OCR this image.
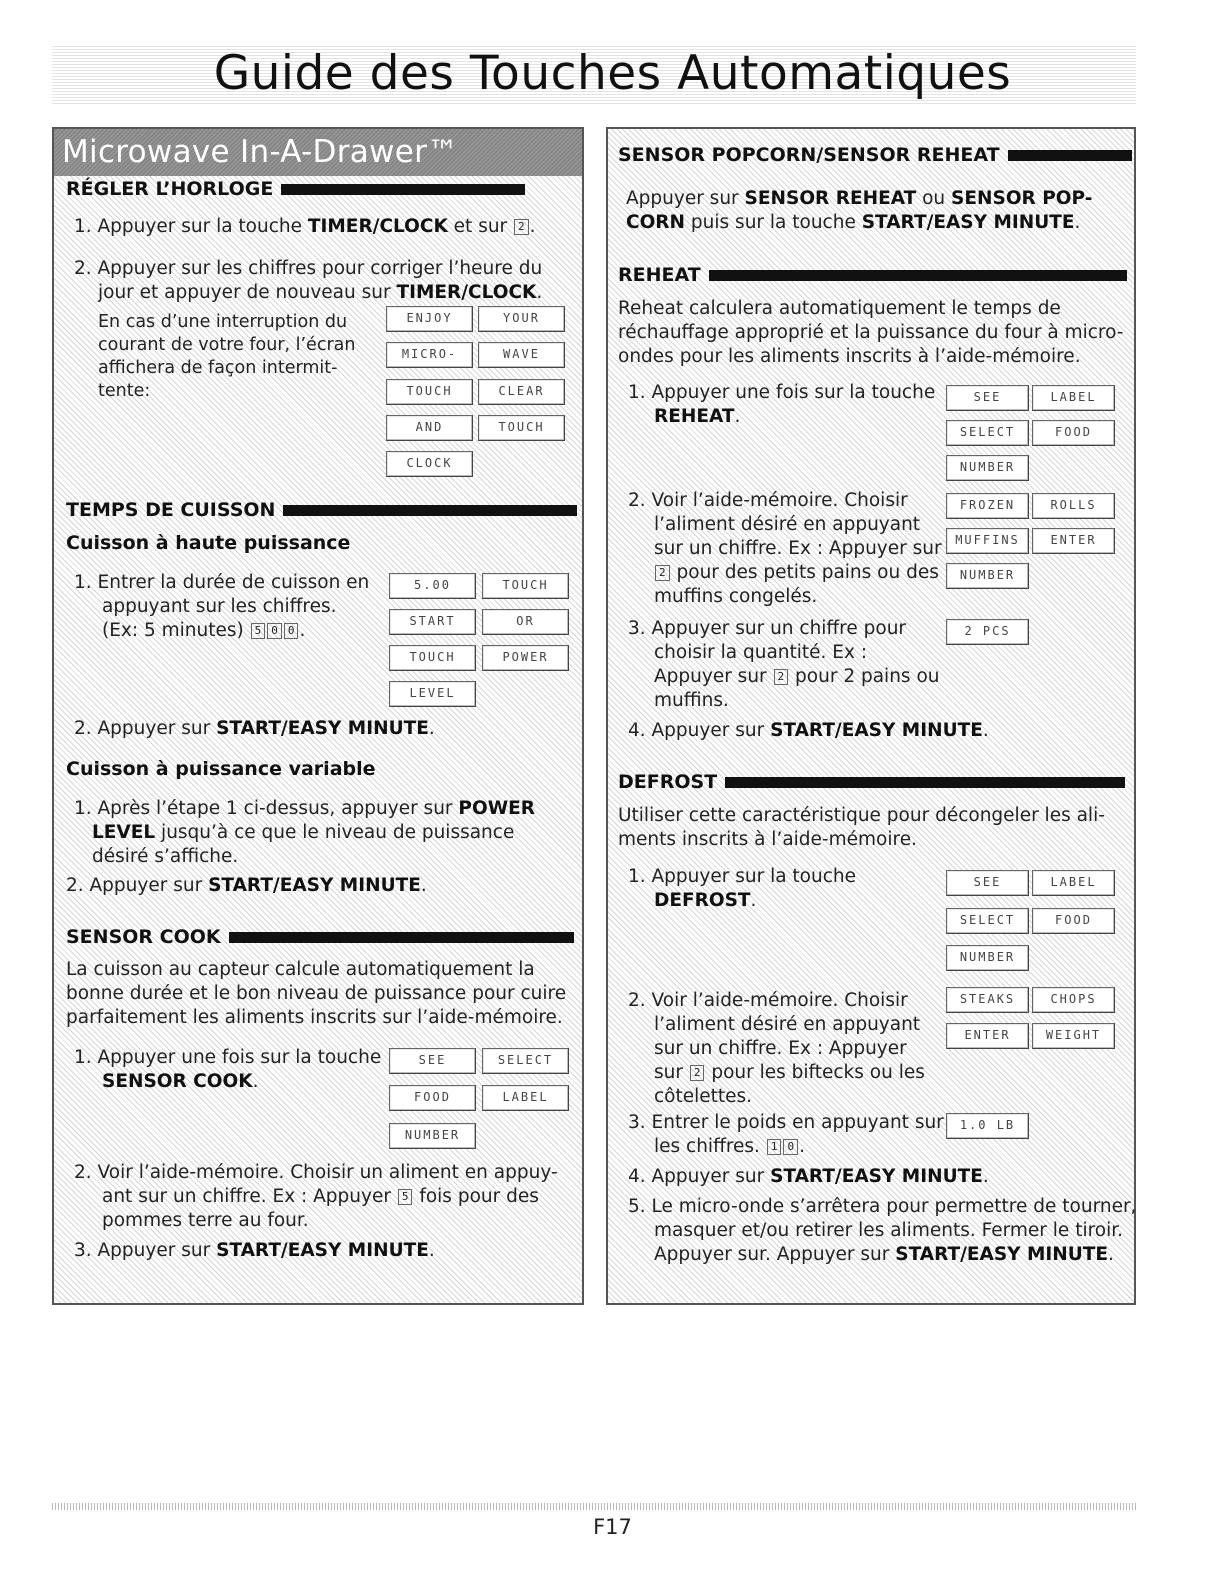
Guide des Touches Automatiques
Microwave In-A-Drawer™
RÉGLER L’HORLOGE
1. Appuyer sur la touche TIMER/CLOCK et sur 2 .
2. Appuyer sur les chiffres pour corriger l’heure du
jour et appuyer de nouveau sur TIMER/CLOCK.
En cas d’une interruption du
courant de votre four, l’écran
affichera de façon intermit-
tente:
ENJOY	YOUR
MICRO-	WAVE
TOUCH	CLEAR
AND	TOUCH
CLOCK
TEMPS DE CUISSON
Cuisson à haute puissance
1. Entrer la durée de cuisson en
appuyant sur les chiffres.
(Ex: 5 minutes) 5 0 0 .
5.00	TOUCH
START	OR
TOUCH	POWER
LEVEL
2. Appuyer sur START/EASY MINUTE.
Cuisson à puissance variable
1. Après l’étape 1 ci-dessus, appuyer sur POWER
LEVEL jusqu’à ce que le niveau de puissance
désiré s’affiche.
2. Appuyer sur START/EASY MINUTE.
SENSOR COOK
La cuisson au capteur calcule automatiquement la
bonne durée et le bon niveau de puissance pour cuire
parfaitement les aliments inscrits sur l’aide-mémoire.
1. Appuyer une fois sur la touche
SENSOR COOK.
SEE	SELECT
FOOD	LABEL
NUMBER
2. Voir l’aide-mémoire. Choisir un aliment en appuy-
ant sur un chiffre. Ex : Appuyer 5 fois pour des
pommes terre au four.
3. Appuyer sur START/EASY MINUTE.
SENSOR POPCORN/SENSOR REHEAT
Appuyer sur SENSOR REHEAT ou SENSOR POP-
CORN puis sur la touche START/EASY MINUTE.
REHEAT
Reheat calculera automatiquement le temps de
réchauffage approprié et la puissance du four à micro-
ondes pour les aliments inscrits à l’aide-mémoire.
1. Appuyer une fois sur la touche
REHEAT.
SEE	LABEL
SELECT	FOOD
NUMBER
2. Voir l’aide-mémoire. Choisir
l’aliment désiré en appuyant
sur un chiffre. Ex : Appuyer sur
2 pour des petits pains ou des
muffins congelés.
FROZEN	ROLLS
MUFFINS	ENTER
NUMBER
3. Appuyer sur un chiffre pour
choisir la quantité. Ex :
Appuyer sur 2 pour 2 pains ou
muffins.
2 PCS
4. Appuyer sur START/EASY MINUTE.
DEFROST
Utiliser cette caractéristique pour décongeler les ali-
ments inscrits à l’aide-mémoire.
1. Appuyer sur la touche
DEFROST.
SEE	LABEL
SELECT	FOOD
NUMBER
2. Voir l’aide-mémoire. Choisir
l’aliment désiré en appuyant
sur un chiffre. Ex : Appuyer
sur 2 pour les biftecks ou les
côtelettes.
STEAKS	CHOPS
ENTER	WEIGHT
3. Entrer le poids en appuyant sur
les chiffres. 1 0 .
1.0 LB
4. Appuyer sur START/EASY MINUTE.
5. Le micro-onde s’arrêtera pour permettre de tourner,
masquer et/ou retirer les aliments. Fermer le tiroir.
Appuyer sur. Appuyer sur START/EASY MINUTE.
F17
